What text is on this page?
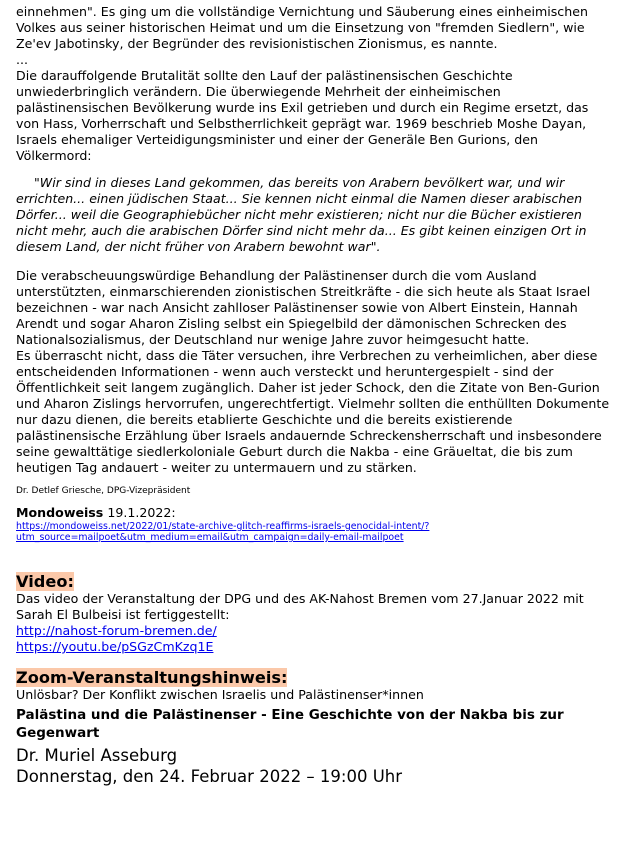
einnehmen". Es ging um die vollständige Vernichtung und Säuberung eines einheimischen Volkes aus seiner historischen Heimat und um die Einsetzung von "fremden Siedlern", wie Ze'ev Jabotinsky, der Begründer des revisionistischen Zionismus, es nannte.

...

Die darauffolgende Brutalität sollte den Lauf der palästinensischen Geschichte unwiederbringlich verändern. Die überwiegende Mehrheit der einheimischen palästinensischen Bevölkerung wurde ins Exil getrieben und durch ein Regime ersetzt, das von Hass, Vorherrschaft und Selbstherrlichkeit geprägt war. 1969 beschrieb Moshe Dayan, Israels ehemaliger Verteidigungsminister und einer der Generäle Ben Gurions, den Völkermord:

"Wir sind in dieses Land gekommen, das bereits von Arabern bevölkert war, und wir errichten... einen jüdischen Staat... Sie kennen nicht einmal die Namen dieser arabischen Dörfer... weil die Geographiebücher nicht mehr existieren; nicht nur die Bücher existieren nicht mehr, auch die arabischen Dörfer sind nicht mehr da... Es gibt keinen einzigen Ort in diesem Land, der nicht früher von Arabern bewohnt war".

Die verabscheuungswürdige Behandlung der Palästinenser durch die vom Ausland unterstützten, einmarschierenden zionistischen Streitkräfte - die sich heute als Staat Israel bezeichnen - war nach Ansicht zahlloser Palästinenser sowie von Albert Einstein, Hannah Arendt und sogar Aharon Zisling selbst ein Spiegelbild der dämonischen Schrecken des Nationalsozialismus, der Deutschland nur wenige Jahre zuvor heimgesucht hatte.

Es überrascht nicht, dass die Täter versuchen, ihre Verbrechen zu verheimlichen, aber diese entscheidenden Informationen - wenn auch versteckt und heruntergespielt - sind der Öffentlichkeit seit langem zugänglich. Daher ist jeder Schock, den die Zitate von Ben-Gurion und Aharon Zislings hervorrufen, ungerechtfertigt. Vielmehr sollten die enthüllten Dokumente nur dazu dienen, die bereits etablierte Geschichte und die bereits existierende palästinensische Erzählung über Israels andauernde Schreckensherrschaft und insbesondere seine gewalttätige siedlerkoloniale Geburt durch die Nakba - eine Gräueltat, die bis zum heutigen Tag andauert - weiter zu untermauern und zu stärken.

Dr. Detlef Griesche, DPG-Vizepräsident

Mondoweiss 19.1.2022:

https://mondoweiss.net/2022/01/state-archive-glitch-reaffirms-israels-genocidal-intent/?utm_source=mailpoet&utm_medium=email&utm_campaign=daily-email-mailpoet
Video:

Das video der Veranstaltung der DPG und des AK-Nahost Bremen vom 27.Januar 2022 mit Sarah El Bulbeisi ist fertiggestellt:

http://nahost-forum-bremen.de/
https://youtu.be/pSGzCmKzq1E
Zoom-Veranstaltungshinweis:

Unlösbar? Der Konflikt zwischen Israelis und Palästinenser*innen

Palästina und die Palästinenser - Eine Geschichte von der Nakba bis zur Gegenwart

Dr. Muriel Asseburg

Donnerstag, den 24. Februar 2022 – 19:00 Uhr
